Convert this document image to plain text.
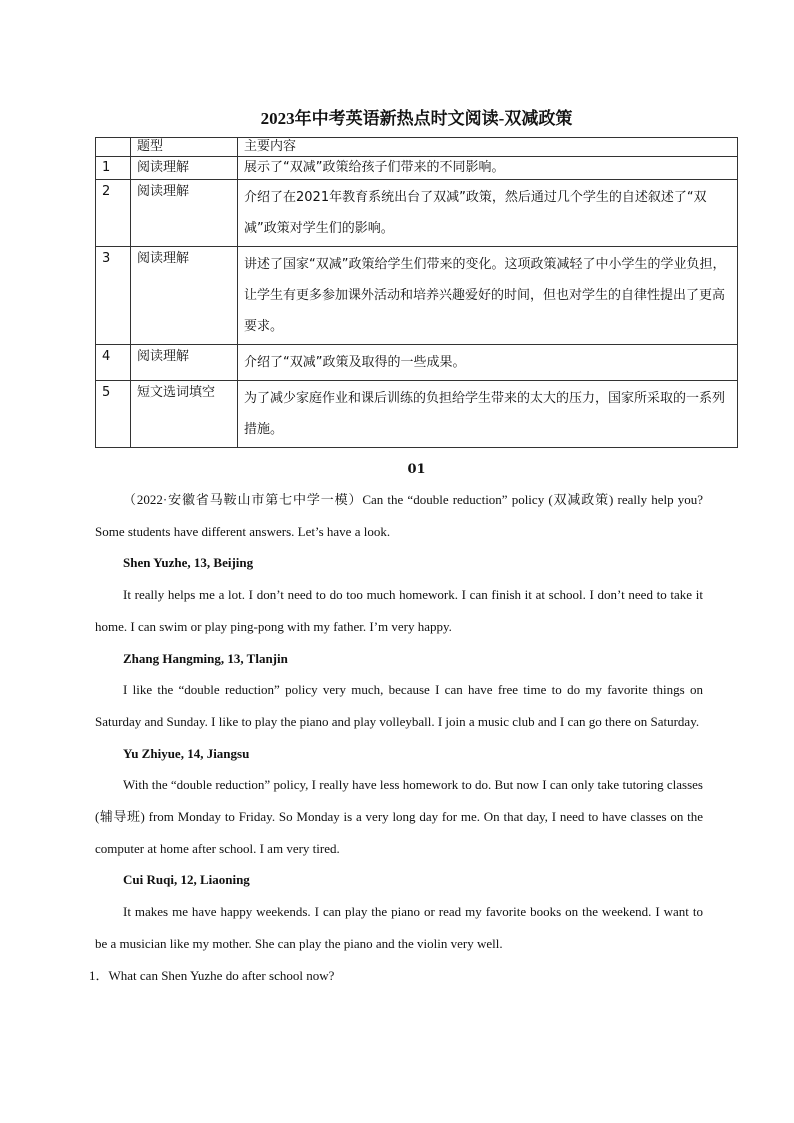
2023年中考英语新热点时文阅读-双减政策
	题型	主要内容
1	阅读理解	展示了“双减”政策给孩子们带来的不同影响。
2	阅读理解	介绍了在2021年教育系统出台了双减”政策，然后通过几个学生的自述叙述了“双减”政策对学生们的影响。
3	阅读理解	讲述了国家“双减”政策给学生们带来的变化。这项政策减轻了中小学生的学业负担，让学生有更多参加课外活动和培养兴趣爱好的时间，但也对学生的自律性提出了更高要求。
4	阅读理解	介绍了“双减”政策及取得的一些成果。
5	短文选词填空	为了减少家庭作业和课后训练的负担给学生带来的太大的压力，国家所采取的一系列措施。
01

（2022·安徽省马鞍山市第七中学一模）Can the “double reduction” policy (双减政策) really help you? Some students have different answers. Let’s have a look.

Shen Yuzhe, 13, Beijing

It really helps me a lot. I don’t need to do too much homework. I can finish it at school. I don’t need to take it home. I can swim or play ping-pong with my father. I’m very happy.

Zhang Hangming, 13, Tlanjin

I like the “double reduction” policy very much, because I can have free time to do my favorite things on Saturday and Sunday. I like to play the piano and play volleyball. I join a music club and I can go there on Saturday.

Yu Zhiyue, 14, Jiangsu

With the “double reduction” policy, I really have less homework to do. But now I can only take tutoring classes (辅导班) from Monday to Friday. So Monday is a very long day for me. On that day, I need to have classes on the computer at home after school. I am very tired.

Cui Ruqi, 12, Liaoning

It makes me have happy weekends. I can play the piano or read my favorite books on the weekend. I want to be a musician like my mother. She can play the piano and the violin very well.

1．What can Shen Yuzhe do after school now?
